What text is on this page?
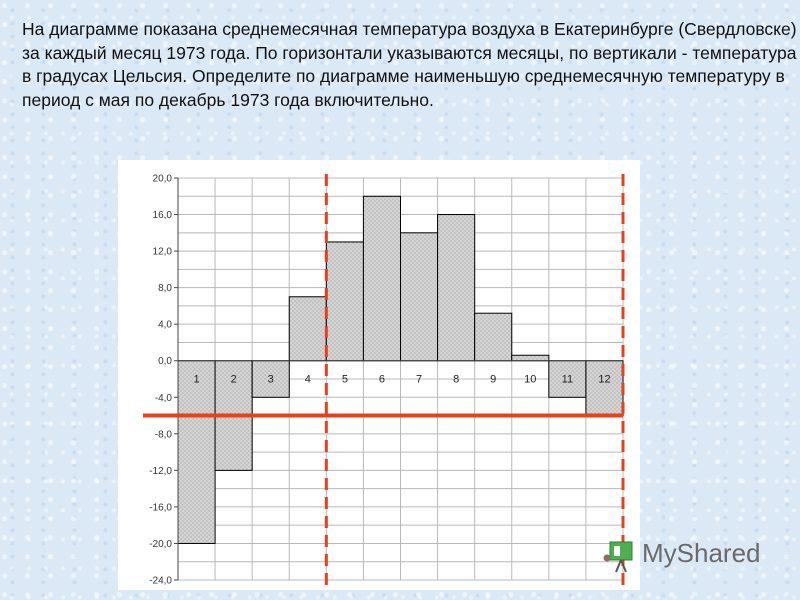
На диаграмме показана среднемесячная температура воздуха в Екатеринбурге (Свердловске) за каждый месяц 1973 года. По горизонтали указываются месяцы, по вертикали - температура в градусах Цельсия. Определите по диаграмме наименьшую среднемесячную температуру в период с мая по декабрь 1973 года включительно.

20,0
16,0
12,0
8,0
4,0
0,0
-4,0
-8,0
-12,0
-16,0
-20,0
-24,0
1	2	3	4	5	6	7	8	9	10 11 12
MyShared
